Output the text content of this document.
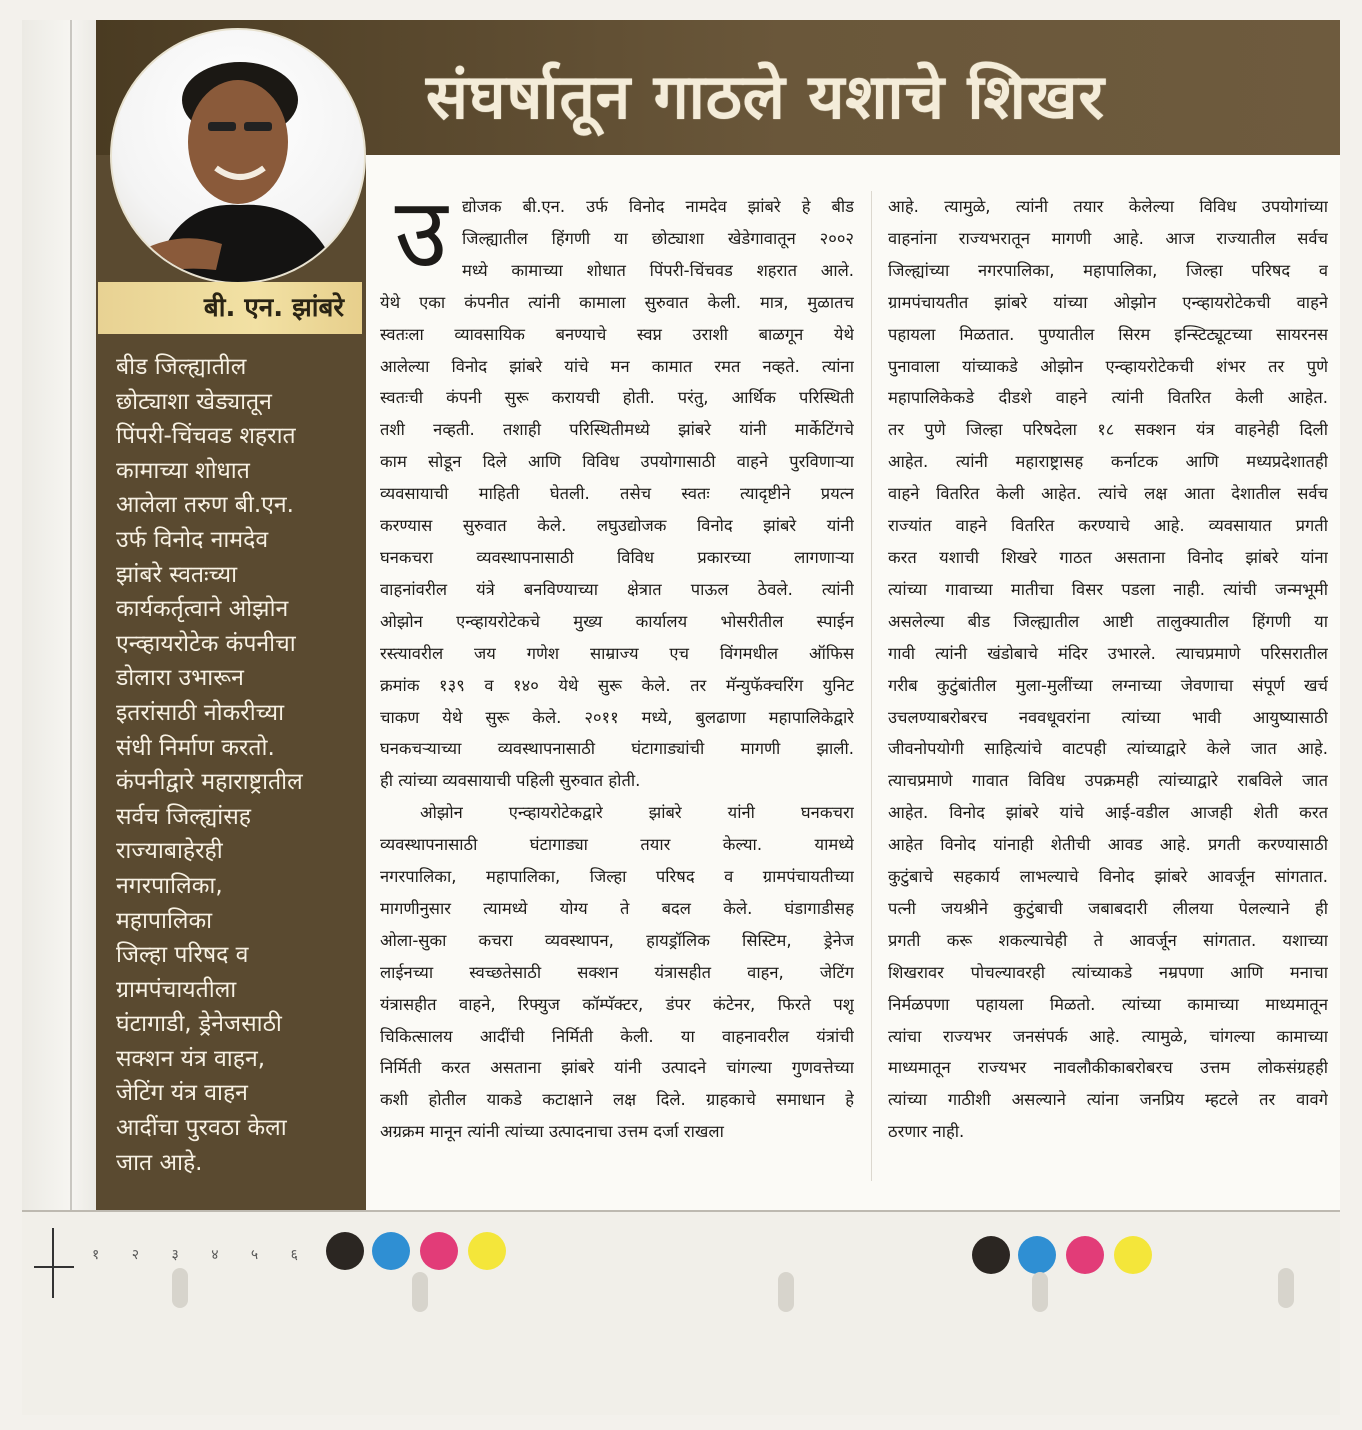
संघर्षातून गाठले यशाचे शिखर
बी. एन. झांबरे
बीड जिल्ह्यातील
छोट्याशा खेड्यातून
पिंपरी-चिंचवड शहरात
कामाच्या शोधात
आलेला तरुण बी.एन.
उर्फ विनोद नामदेव
झांबरे स्वतःच्या
कार्यकर्तृत्वाने ओझोन
एन्व्हायरोटेक कंपनीचा
डोलारा उभारून
इतरांसाठी नोकरीच्या
संधी निर्माण करतो.
कंपनीद्वारे महाराष्ट्रातील
सर्वच जिल्ह्यांसह
राज्याबाहेरही
नगरपालिका,
महापालिका
जिल्हा परिषद व
ग्रामपंचायतीला
घंटागाडी, ड्रेनेजसाठी
सक्शन यंत्र वाहन,
जेटिंग यंत्र वाहन
आदींचा पुरवठा केला
जात आहे.
उ द्योजक बी.एन. उर्फ विनोद नामदेव झांबरे हे बीड
जिल्ह्यातील हिंगणी या छोट्याशा खेडेगावातून २००२
मध्ये कामाच्या शोधात पिंपरी-चिंचवड शहरात आले.
येथे एका कंपनीत त्यांनी कामाला सुरुवात केली. मात्र, मुळातच
स्वतःला व्यावसायिक बनण्याचे स्वप्न उराशी बाळगून येथे
आलेल्या विनोद झांबरे यांचे मन कामात रमत नव्हते. त्यांना
स्वतःची कंपनी सुरू करायची होती. परंतु, आर्थिक परिस्थिती
तशी नव्हती. तशाही परिस्थितीमध्ये झांबरे यांनी मार्केटिंगचे
काम सोडून दिले आणि विविध उपयोगासाठी वाहने पुरविणाऱ्या
व्यवसायाची माहिती घेतली. तसेच स्वतः त्यादृष्टीने प्रयत्न
करण्यास सुरुवात केले. लघुउद्योजक विनोद झांबरे यांनी
घनकचरा व्यवस्थापनासाठी विविध प्रकारच्या लागणाऱ्या
वाहनांवरील यंत्रे बनविण्याच्या क्षेत्रात पाऊल ठेवले. त्यांनी
ओझोन एन्व्हायरोटेकचे मुख्य कार्यालय भोसरीतील स्पाईन
रस्त्यावरील जय गणेश साम्राज्य एच विंगमधील ऑफिस
क्रमांक १३९ व १४० येथे सुरू केले. तर मॅन्युफॅक्चरिंग युनिट
चाकण येथे सुरू केले. २०११ मध्ये, बुलढाणा महापालिकेद्वारे
घनकचऱ्याच्या व्यवस्थापनासाठी घंटागाड्यांची मागणी झाली.
ही त्यांच्या व्यवसायाची पहिली सुरुवात होती.
ओझोन एन्व्हायरोटेकद्वारे झांबरे यांनी घनकचरा
व्यवस्थापनासाठी घंटागाड्या तयार केल्या. यामध्ये
नगरपालिका, महापालिका, जिल्हा परिषद व ग्रामपंचायतीच्या
मागणीनुसार त्यामध्ये योग्य ते बदल केले. घंडागाडीसह
ओला-सुका कचरा व्यवस्थापन, हायड्रॉलिक सिस्टिम, ड्रेनेज
लाईनच्या स्वच्छतेसाठी सक्शन यंत्रासहीत वाहन, जेटिंग
यंत्रासहीत वाहने, रिफ्युज कॉम्पॅक्टर, डंपर कंटेनर, फिरते पशू
चिकित्सालय आदींची निर्मिती केली. या वाहनावरील यंत्रांची
निर्मिती करत असताना झांबरे यांनी उत्पादने चांगल्या गुणवत्तेच्या
कशी होतील याकडे कटाक्षाने लक्ष दिले. ग्राहकाचे समाधान हे
अग्रक्रम मानून त्यांनी त्यांच्या उत्पादनाचा उत्तम दर्जा राखला
आहे. त्यामुळे, त्यांनी तयार केलेल्या विविध उपयोगांच्या
वाहनांना राज्यभरातून मागणी आहे. आज राज्यातील सर्वच
जिल्ह्यांच्या नगरपालिका, महापालिका, जिल्हा परिषद व
ग्रामपंचायतीत झांबरे यांच्या ओझोन एन्व्हायरोटेकची वाहने
पहायला मिळतात. पुण्यातील सिरम इन्स्टिट्यूटच्या सायरनस
पुनावाला यांच्याकडे ओझोन एन्व्हायरोटेकची शंभर तर पुणे
महापालिकेकडे दीडशे वाहने त्यांनी वितरित केली आहेत.
तर पुणे जिल्हा परिषदेला १८ सक्शन यंत्र वाहनेही दिली
आहेत. त्यांनी महाराष्ट्रासह कर्नाटक आणि मध्यप्रदेशातही
वाहने वितरित केली आहेत. त्यांचे लक्ष आता देशातील सर्वच
राज्यांत वाहने वितरित करण्याचे आहे. व्यवसायात प्रगती
करत यशाची शिखरे गाठत असताना विनोद झांबरे यांना
त्यांच्या गावाच्या मातीचा विसर पडला नाही. त्यांची जन्मभूमी
असलेल्या बीड जिल्ह्यातील आष्टी तालुक्यातील हिंगणी या
गावी त्यांनी खंडोबाचे मंदिर उभारले. त्याचप्रमाणे परिसरातील
गरीब कुटुंबांतील मुला-मुलींच्या लग्नाच्या जेवणाचा संपूर्ण खर्च
उचलण्याबरोबरच नववधूवरांना त्यांच्या भावी आयुष्यासाठी
जीवनोपयोगी साहित्यांचे वाटपही त्यांच्याद्वारे केले जात आहे.
त्याचप्रमाणे गावात विविध उपक्रमही त्यांच्याद्वारे राबविले जात
आहेत. विनोद झांबरे यांचे आई-वडील आजही शेती करत
आहेत विनोद यांनाही शेतीची आवड आहे. प्रगती करण्यासाठी
कुटुंबाचे सहकार्य लाभल्याचे विनोद झांबरे आवर्जून सांगतात.
पत्नी जयश्रीने कुटुंबाची जबाबदारी लीलया पेलल्याने ही
प्रगती करू शकल्याचेही ते आवर्जून सांगतात. यशाच्या
शिखरावर पोचल्यावरही त्यांच्याकडे नम्रपणा आणि मनाचा
निर्मळपणा पहायला मिळतो. त्यांच्या कामाच्या माध्यमातून
त्यांचा राज्यभर जनसंपर्क आहे. त्यामुळे, चांगल्या कामाच्या
माध्यमातून राज्यभर नावलौकीकाबरोबरच उत्तम लोकसंग्रहही
त्यांच्या गाठीशी असल्याने त्यांना जनप्रिय म्हटले तर वावगे
ठरणार नाही.
१ २ ३ ४ ५ ६
